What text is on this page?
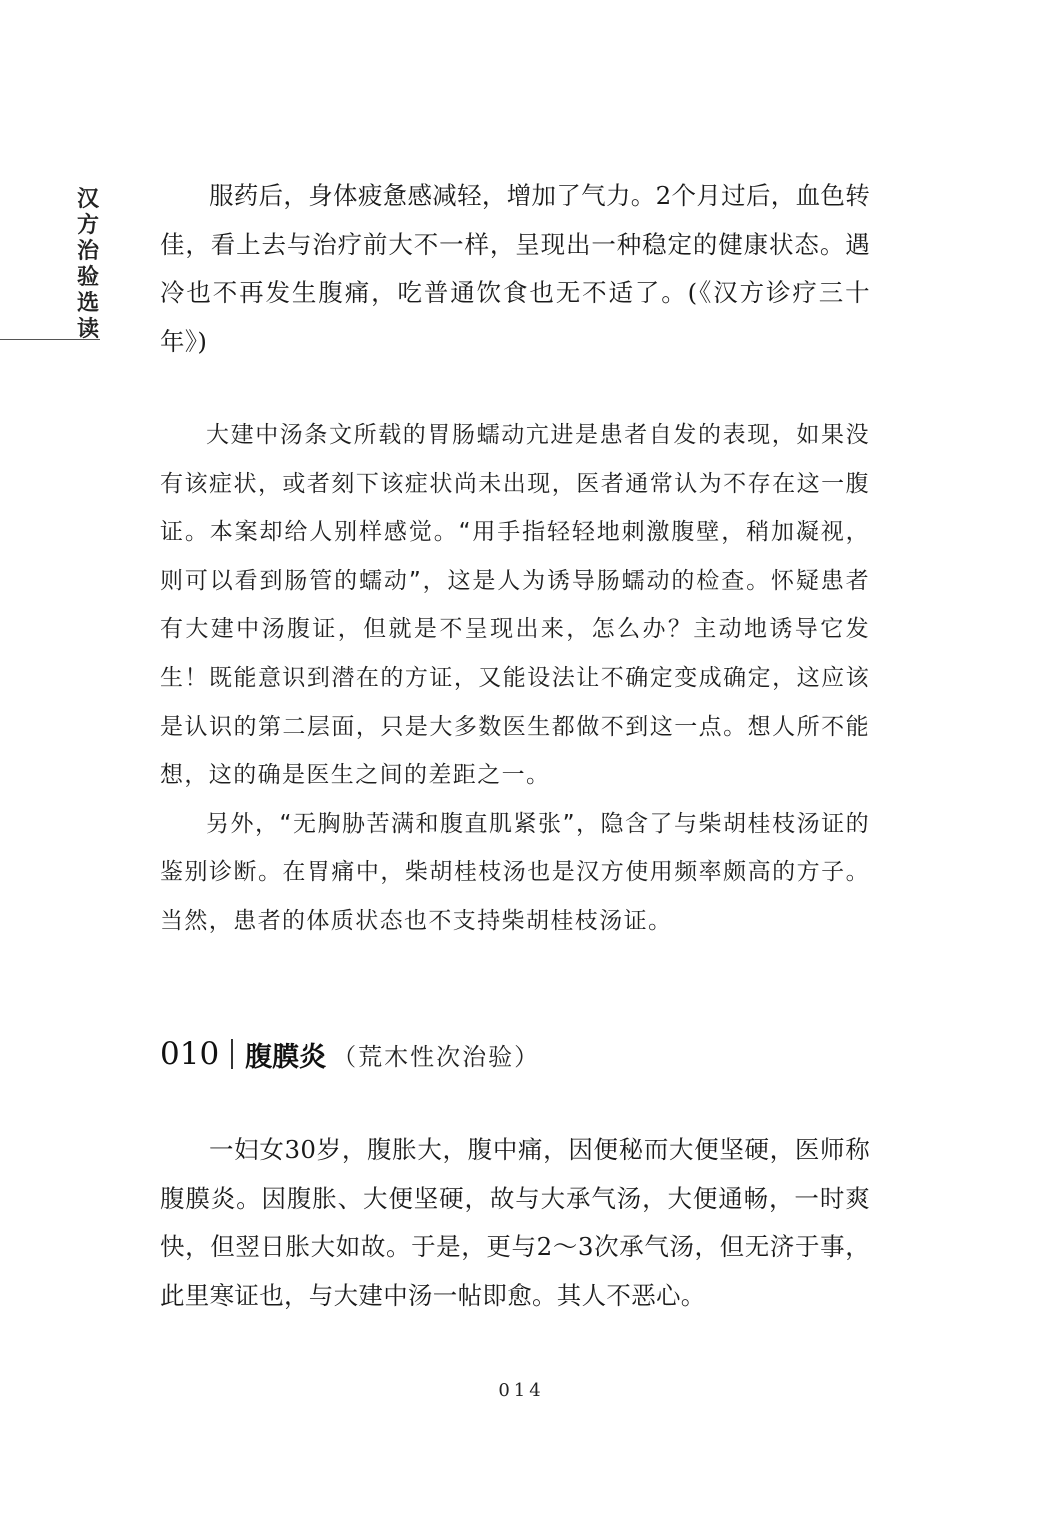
汉
方
治
验
选
读

服药后，身体疲惫感减轻，增加了气力。2个月过后，血色转佳，看上去与治疗前大不一样，呈现出一种稳定的健康状态。遇冷也不再发生腹痛，吃普通饮食也无不适了。(《汉方诊疗三十年》)

大建中汤条文所载的胃肠蠕动亢进是患者自发的表现，如果没有该症状，或者刻下该症状尚未出现，医者通常认为不存在这一腹证。本案却给人别样感觉。“用手指轻轻地刺激腹壁，稍加凝视，则可以看到肠管的蠕动”，这是人为诱导肠蠕动的检查。怀疑患者有大建中汤腹证，但就是不呈现出来，怎么办？主动地诱导它发生！既能意识到潜在的方证，又能设法让不确定变成确定，这应该是认识的第二层面，只是大多数医生都做不到这一点。想人所不能想，这的确是医生之间的差距之一。

另外，“无胸胁苦满和腹直肌紧张”，隐含了与柴胡桂枝汤证的鉴别诊断。在胃痛中，柴胡桂枝汤也是汉方使用频率颇高的方子。当然，患者的体质状态也不支持柴胡桂枝汤证。

010 腹膜炎 （荒木性次治验）

一妇女30岁，腹胀大，腹中痛，因便秘而大便坚硬，医师称腹膜炎。因腹胀、大便坚硬，故与大承气汤，大便通畅，一时爽快，但翌日胀大如故。于是，更与2～3次承气汤，但无济于事，此里寒证也，与大建中汤一帖即愈。其人不恶心。

014
